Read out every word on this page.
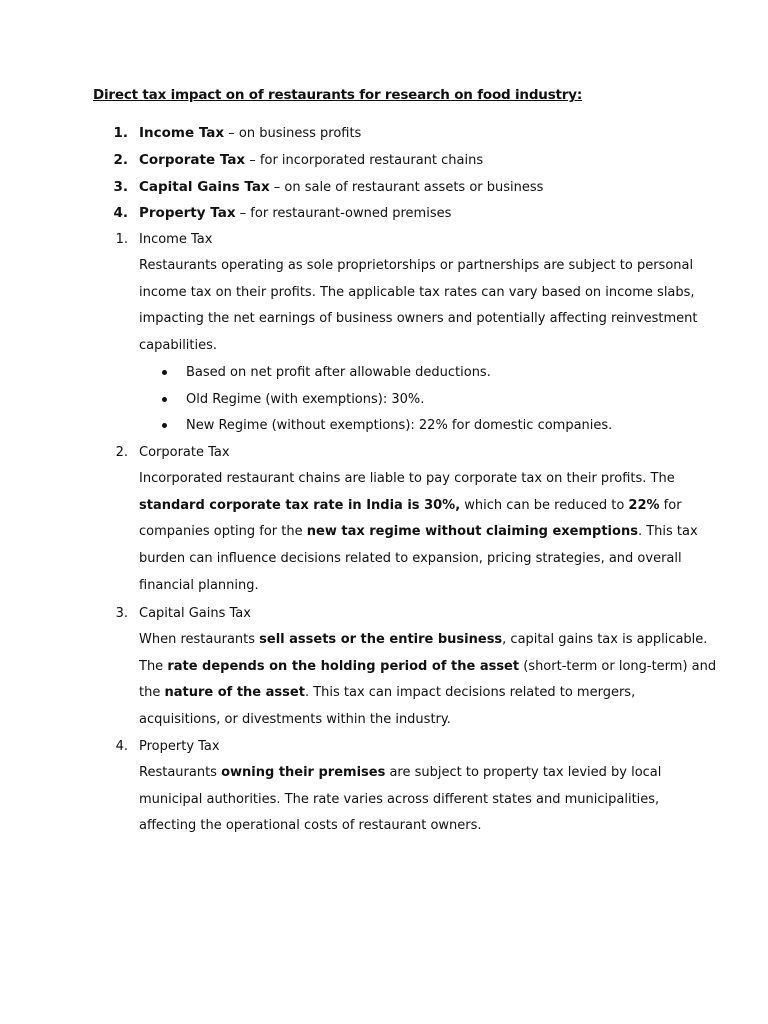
Direct tax impact on of restaurants for research on food industry:
1. Income Tax – on business profits
2. Corporate Tax – for incorporated restaurant chains
3. Capital Gains Tax – on sale of restaurant assets or business
4. Property Tax – for restaurant-owned premises
1. Income Tax
Restaurants operating as sole proprietorships or partnerships are subject to personal
income tax on their profits. The applicable tax rates can vary based on income slabs,
impacting the net earnings of business owners and potentially affecting reinvestment
capabilities.
Based on net profit after allowable deductions.
Old Regime (with exemptions): 30%.
New Regime (without exemptions): 22% for domestic companies.
2. Corporate Tax
Incorporated restaurant chains are liable to pay corporate tax on their profits. The
standard corporate tax rate in India is 30%, which can be reduced to 22% for
companies opting for the new tax regime without claiming exemptions. This tax
burden can influence decisions related to expansion, pricing strategies, and overall
financial planning.
3. Capital Gains Tax
When restaurants sell assets or the entire business, capital gains tax is applicable.
The rate depends on the holding period of the asset (short-term or long-term) and
the nature of the asset. This tax can impact decisions related to mergers,
acquisitions, or divestments within the industry.
4. Property Tax
Restaurants owning their premises are subject to property tax levied by local
municipal authorities. The rate varies across different states and municipalities,
affecting the operational costs of restaurant owners.
